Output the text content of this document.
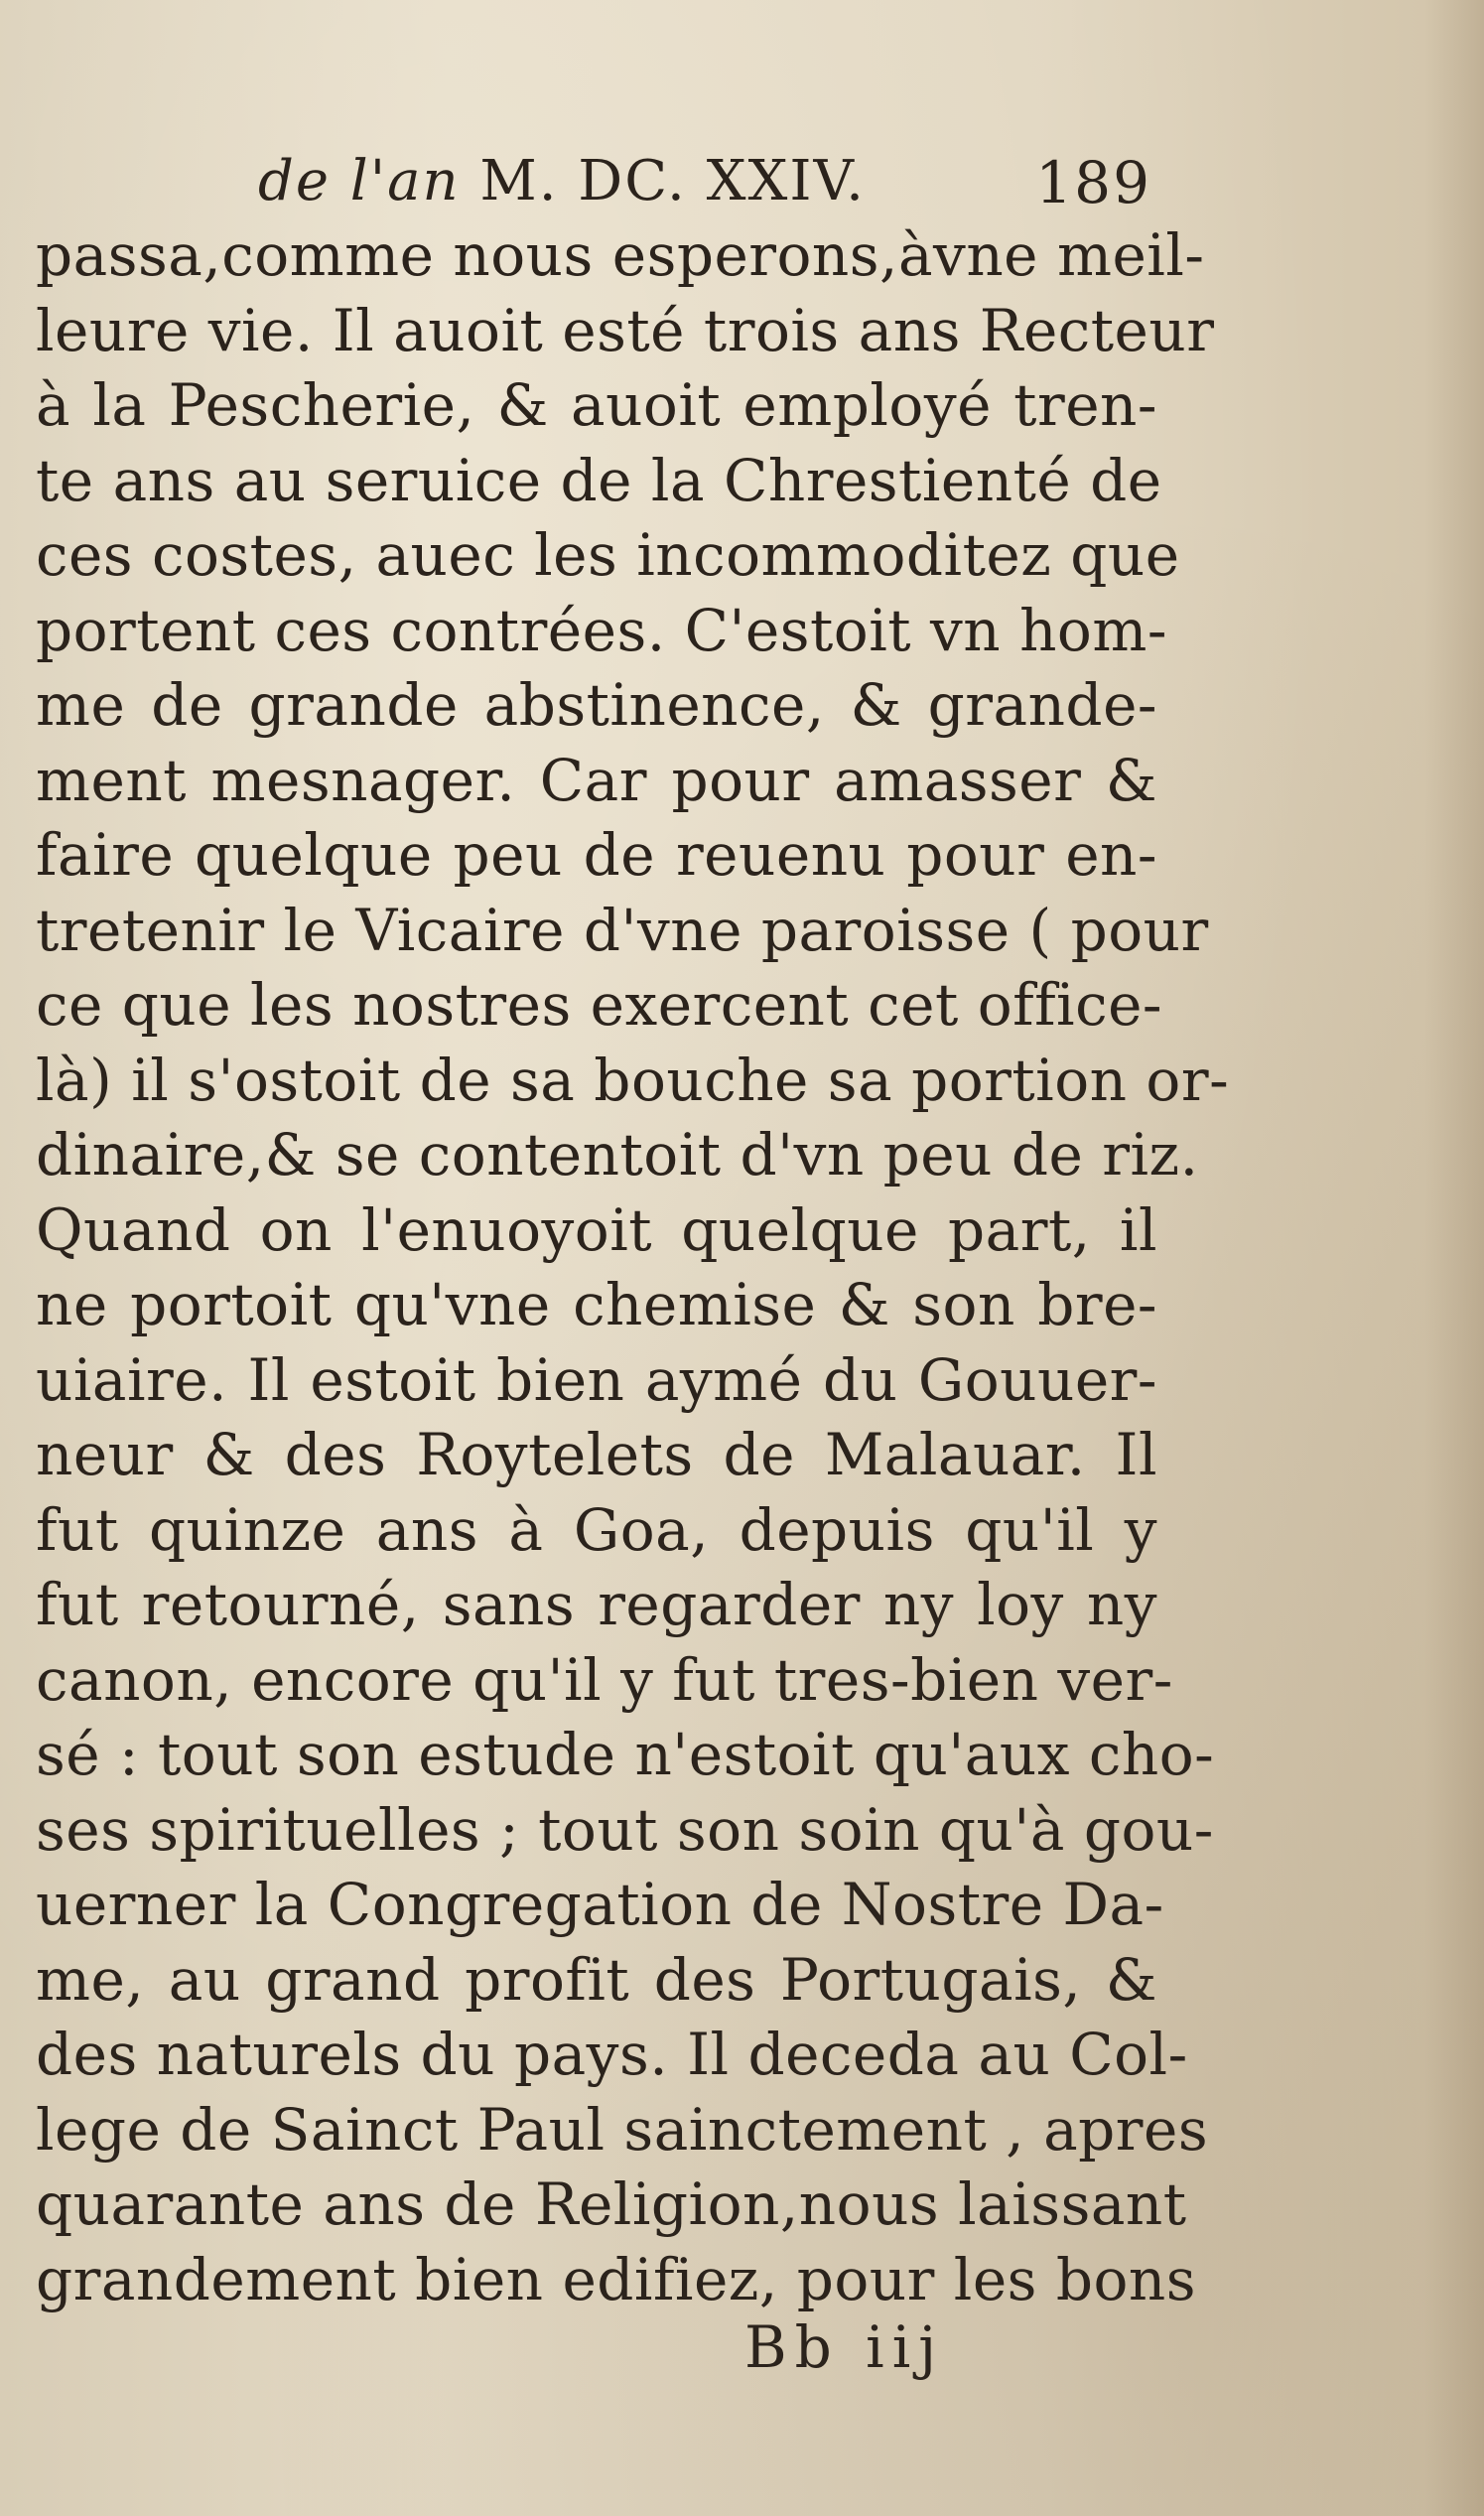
de l'an M. DC. XXIV.	189
passa,comme nous esperons,àvne meil-
leure vie. Il auoit esté trois ans Recteur
à la Pescherie, & auoit employé tren-
te ans au seruice de la Chrestienté de
ces costes, auec les incommoditez que
portent ces contrées. C'estoit vn hom-
me de grande abstinence, & grande-
ment mesnager. Car pour amasser &
faire quelque peu de reuenu pour en-
tretenir le Vicaire d'vne paroisse ( pour
ce que les nostres exercent cet office-
là) il s'ostoit de sa bouche sa portion or-
dinaire,& se contentoit d'vn peu de riz.
Quand on l'enuoyoit quelque part, il
ne portoit qu'vne chemise & son bre-
uiaire. Il estoit bien aymé du Gouuer-
neur & des Roytelets de Malauar. Il
fut quinze ans à Goa, depuis qu'il y
fut retourné, sans regarder ny loy ny
canon, encore qu'il y fut tres-bien ver-
sé : tout son estude n'estoit qu'aux cho-
ses spirituelles ; tout son soin qu'à gou-
uerner la Congregation de Nostre Da-
me, au grand profit des Portugais, &
des naturels du pays. Il deceda au Col-
lege de Sainct Paul sainctement , apres
quarante ans de Religion,nous laissant
grandement bien edifiez, pour les bons
Bb iij
